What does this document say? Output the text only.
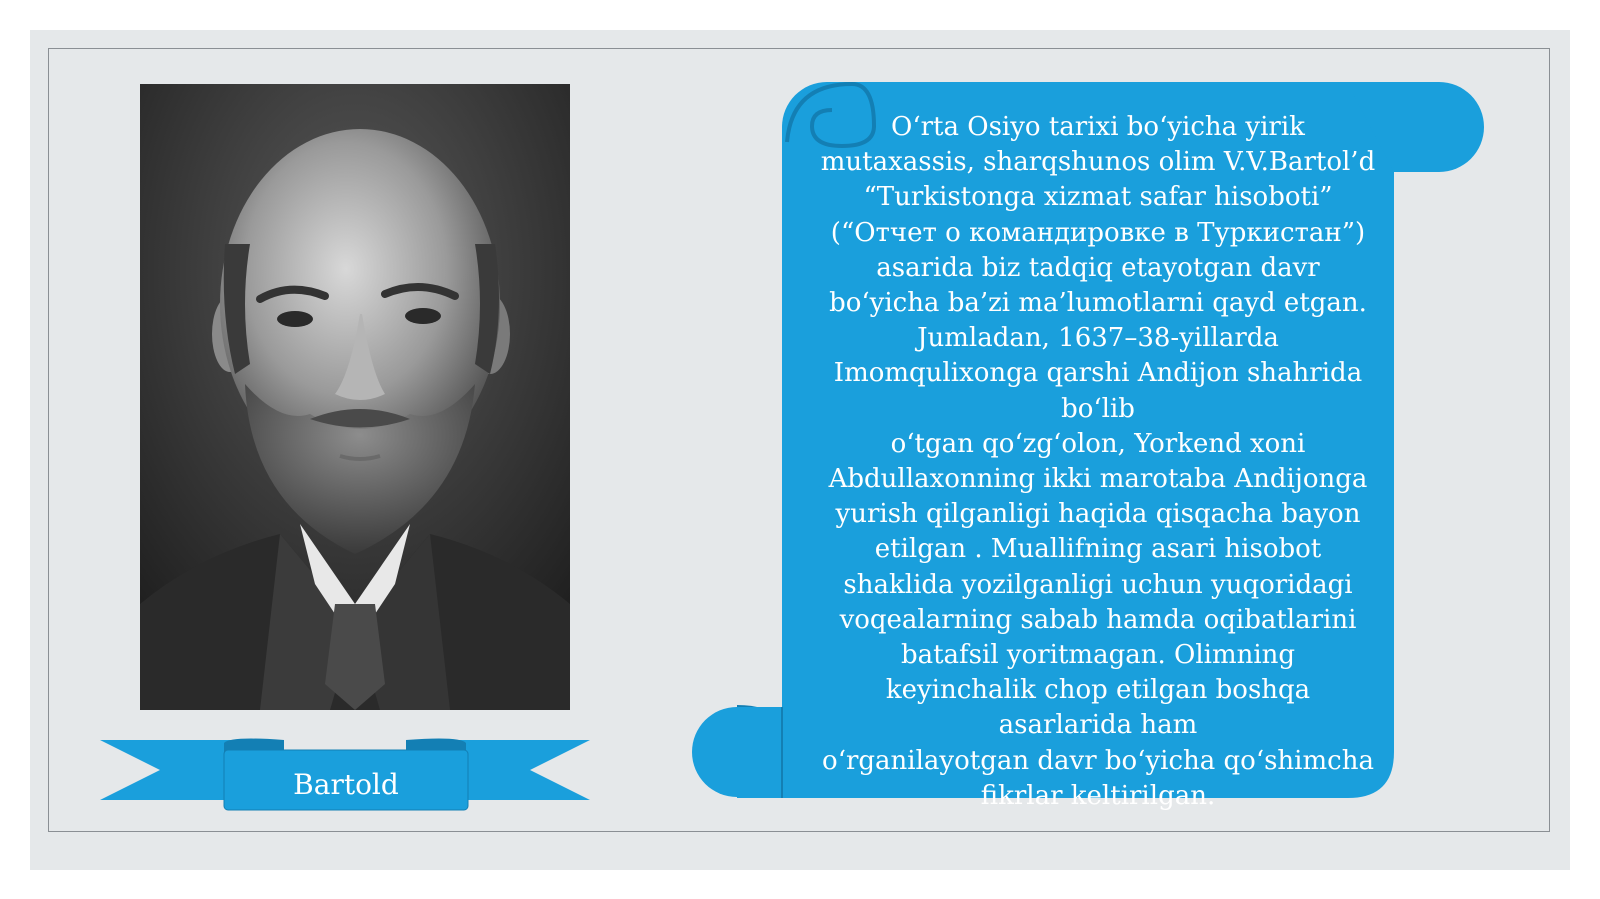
Bartold

O‘rta Osiyo tarixi bo‘yicha yirik
mutaxassis, sharqshunos olim V.V.Bartol’d
“Turkistonga xizmat safar hisoboti”
(“Отчет о командировке в Туркистан”)
asarida biz tadqiq etayotgan davr
bo‘yicha ba’zi ma’lumotlarni qayd etgan.
Jumladan, 1637–38-yillarda
Imomqulixonga qarshi Andijon shahrida
bo‘lib
o‘tgan qo‘zg‘olon, Yorkend xoni
Abdullaxonning ikki marotaba Andijonga
yurish qilganligi haqida qisqacha bayon
etilgan . Muallifning asari hisobot
shaklida yozilganligi uchun yuqoridagi
voqealarning sabab hamda oqibatlarini
batafsil yoritmagan. Olimning
keyinchalik chop etilgan boshqa
asarlarida ham
o‘rganilayotgan davr bo‘yicha qo‘shimcha
fikrlar keltirilgan.
